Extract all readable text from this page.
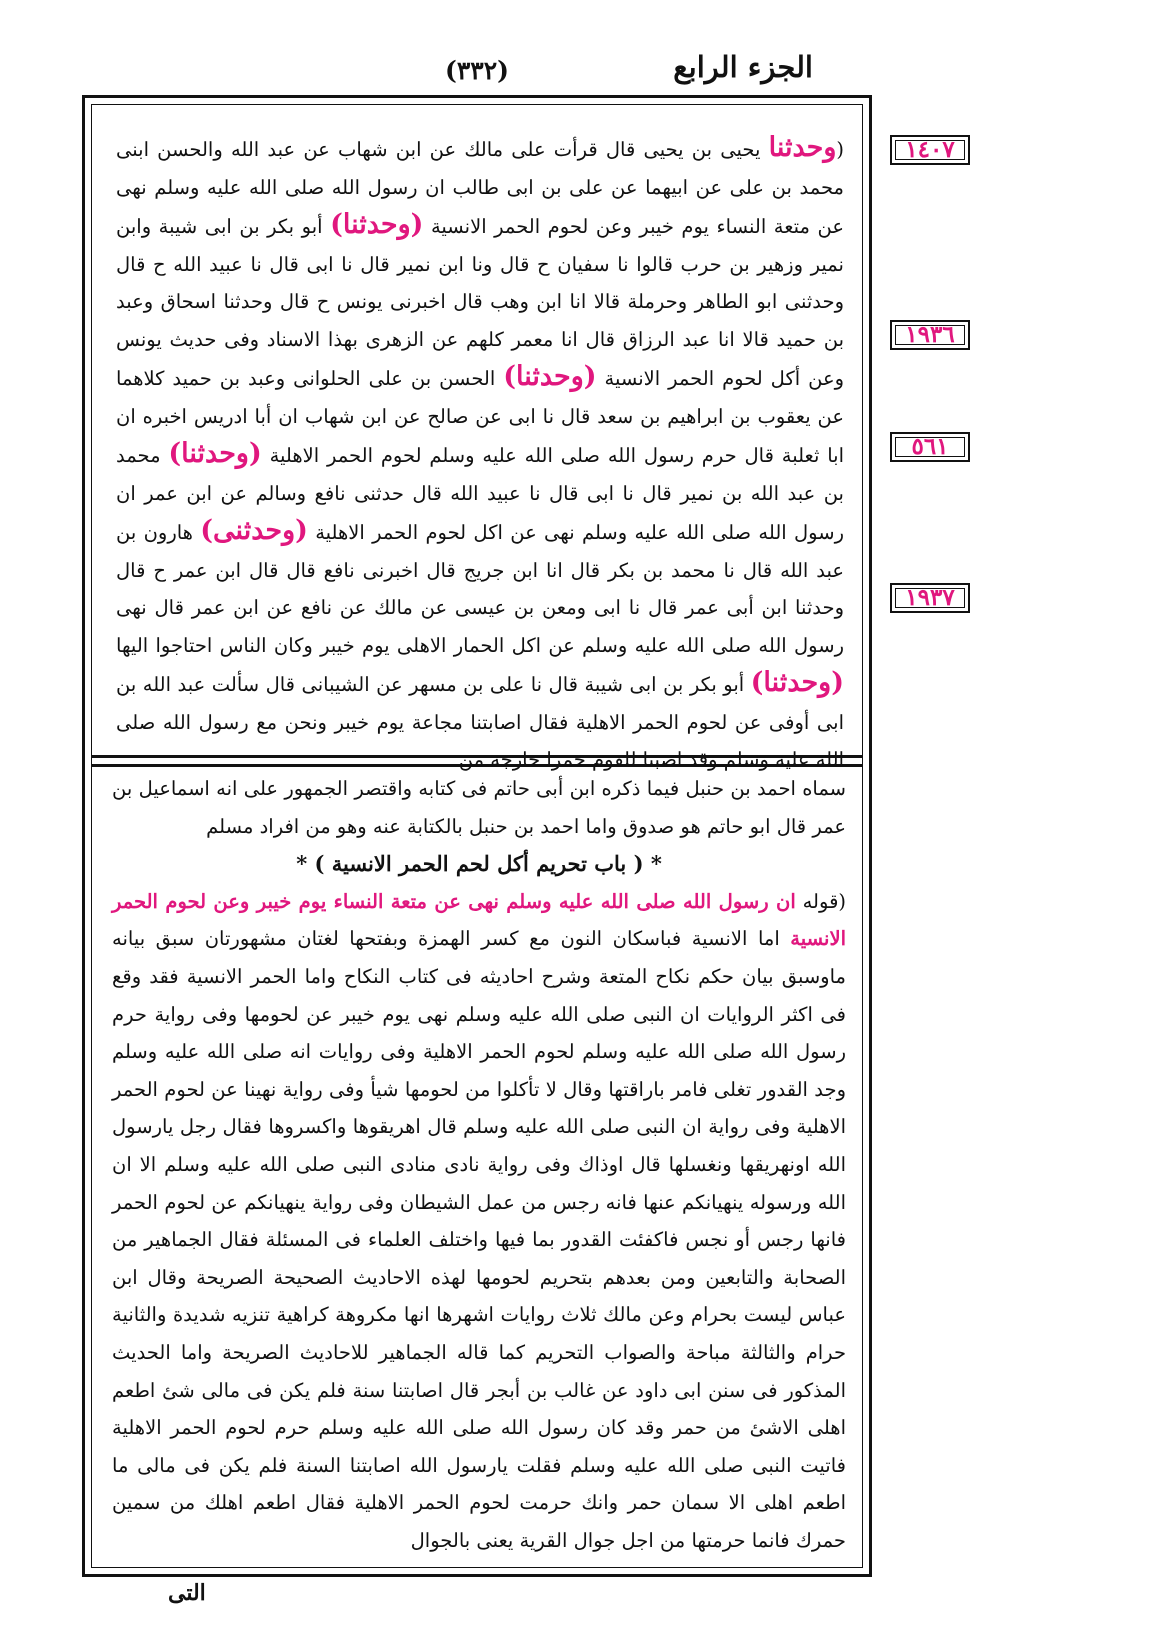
الجزء الرابع
(٣٣٢)
١٤٠٧
١٩٣٦
٥٦١
١٩٣٧

(وحدثنا يحيى بن يحيى قال قرأت على مالك عن ابن شهاب عن عبد الله والحسن ابنى محمد بن على عن ابيهما عن على بن ابى طالب ان رسول الله صلى الله عليه وسلم نهى عن متعة النساء يوم خيبر وعن لحوم الحمر الانسية (وحدثنا) أبو بكر بن ابى شيبة وابن نمير وزهير بن حرب قالوا نا سفيان ح قال ونا ابن نمير قال نا ابى قال نا عبيد الله ح قال وحدثنى ابو الطاهر وحرملة قالا انا ابن وهب قال اخبرنى يونس ح قال وحدثنا اسحاق وعبد بن حميد قالا انا عبد الرزاق قال انا معمر كلهم عن الزهرى بهذا الاسناد وفى حديث يونس وعن أكل لحوم الحمر الانسية (وحدثنا) الحسن بن على الحلوانى وعبد بن حميد كلاهما عن يعقوب بن ابراهيم بن سعد قال نا ابى عن صالح عن ابن شهاب ان أبا ادريس اخبره ان ابا ثعلبة قال حرم رسول الله صلى الله عليه وسلم لحوم الحمر الاهلية (وحدثنا) محمد بن عبد الله بن نمير قال نا ابى قال نا عبيد الله قال حدثنى نافع وسالم عن ابن عمر ان رسول الله صلى الله عليه وسلم نهى عن اكل لحوم الحمر الاهلية (وحدثنى) هارون بن عبد الله قال نا محمد بن بكر قال انا ابن جريج قال اخبرنى نافع قال قال ابن عمر ح قال وحدثنا ابن أبى عمر قال نا ابى ومعن بن عيسى عن مالك عن نافع عن ابن عمر قال نهى رسول الله صلى الله عليه وسلم عن اكل الحمار الاهلى يوم خيبر وكان الناس احتاجوا اليها (وحدثنا) أبو بكر بن ابى شيبة قال نا على بن مسهر عن الشيبانى قال سألت عبد الله بن ابى أوفى عن لحوم الحمر الاهلية فقال اصابتنا مجاعة يوم خيبر ونحن مع رسول الله صلى الله عليه وسلم وقد اصبنا للقوم حمرا خارجة من

سماه احمد بن حنبل فيما ذكره ابن أبى حاتم فى كتابه واقتصر الجمهور على انه اسماعيل بن عمر قال ابو حاتم هو صدوق واما احمد بن حنبل بالكتابة عنه وهو من افراد مسلم

* ( باب تحريم أكل لحم الحمر الانسية ) *

(قوله ان رسول الله صلى الله عليه وسلم نهى عن متعة النساء يوم خيبر وعن لحوم الحمر الانسية اما الانسية فباسكان النون مع كسر الهمزة وبفتحها لغتان مشهورتان سبق بيانه ماوسبق بيان حكم نكاح المتعة وشرح احاديثه فى كتاب النكاح واما الحمر الانسية فقد وقع فى اكثر الروايات ان النبى صلى الله عليه وسلم نهى يوم خيبر عن لحومها وفى رواية حرم رسول الله صلى الله عليه وسلم لحوم الحمر الاهلية وفى روايات انه صلى الله عليه وسلم وجد القدور تغلى فامر باراقتها وقال لا تأكلوا من لحومها شيأ وفى رواية نهينا عن لحوم الحمر الاهلية وفى رواية ان النبى صلى الله عليه وسلم قال اهريقوها واكسروها فقال رجل يارسول الله اونهريقها ونغسلها قال اوذاك وفى رواية نادى منادى النبى صلى الله عليه وسلم الا ان الله ورسوله ينهيانكم عنها فانه رجس من عمل الشيطان وفى رواية ينهيانكم عن لحوم الحمر فانها رجس أو نجس فاكفئت القدور بما فيها واختلف العلماء فى المسئلة فقال الجماهير من الصحابة والتابعين ومن بعدهم بتحريم لحومها لهذه الاحاديث الصحيحة الصريحة وقال ابن عباس ليست بحرام وعن مالك ثلاث روايات اشهرها انها مكروهة كراهية تنزيه شديدة والثانية حرام والثالثة مباحة والصواب التحريم كما قاله الجماهير للاحاديث الصريحة واما الحديث المذكور فى سنن ابى داود عن غالب بن أبجر قال اصابتنا سنة فلم يكن فى مالى شئ اطعم اهلى الاشئ من حمر وقد كان رسول الله صلى الله عليه وسلم حرم لحوم الحمر الاهلية فاتيت النبى صلى الله عليه وسلم فقلت يارسول الله اصابتنا السنة فلم يكن فى مالى ما اطعم اهلى الا سمان حمر وانك حرمت لحوم الحمر الاهلية فقال اطعم اهلك من سمين حمرك فانما حرمتها من اجل جوال القرية يعنى بالجوال

التى
